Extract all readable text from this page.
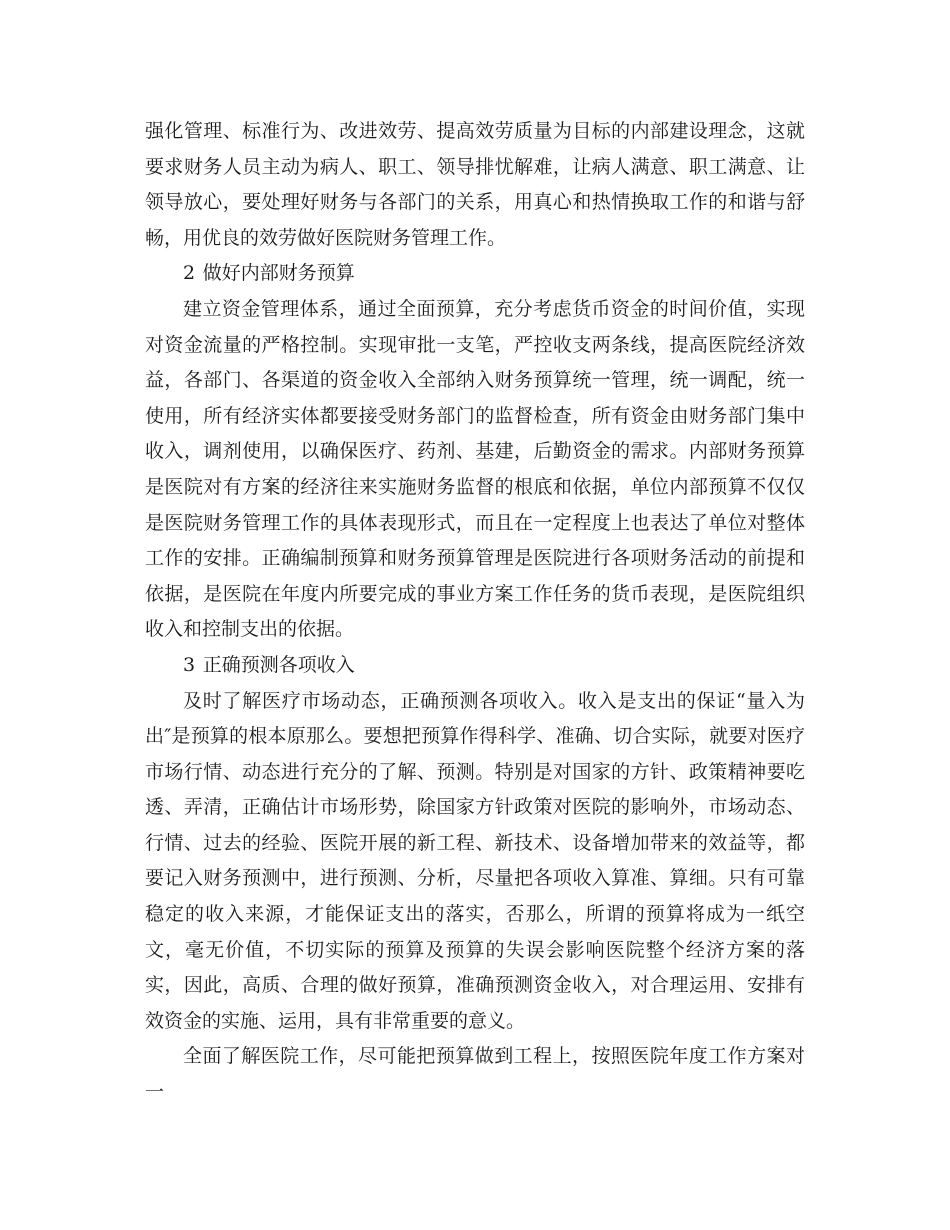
强化管理、标准行为、改进效劳、提高效劳质量为目标的内部建设理念，这就要求财务人员主动为病人、职工、领导排忧解难，让病人满意、职工满意、让领导放心，要处理好财务与各部门的关系，用真心和热情换取工作的和谐与舒畅，用优良的效劳做好医院财务管理工作。

2 做好内部财务预算

建立资金管理体系，通过全面预算，充分考虑货币资金的时间价值，实现对资金流量的严格控制。实现审批一支笔，严控收支两条线，提高医院经济效益，各部门、各渠道的资金收入全部纳入财务预算统一管理，统一调配，统一使用，所有经济实体都要接受财务部门的监督检查，所有资金由财务部门集中收入，调剂使用，以确保医疗、药剂、基建，后勤资金的需求。内部财务预算是医院对有方案的经济往来实施财务监督的根底和依据，单位内部预算不仅仅是医院财务管理工作的具体表现形式，而且在一定程度上也表达了单位对整体工作的安排。正确编制预算和财务预算管理是医院进行各项财务活动的前提和依据，是医院在年度内所要完成的事业方案工作任务的货币表现，是医院组织收入和控制支出的依据。

3 正确预测各项收入

及时了解医疗市场动态，正确预测各项收入。收入是支出的保证“量入为出″是预算的根本原那么。要想把预算作得科学、准确、切合实际，就要对医疗市场行情、动态进行充分的了解、预测。特别是对国家的方针、政策精神要吃透、弄清，正确估计市场形势，除国家方针政策对医院的影响外，市场动态、行情、过去的经验、医院开展的新工程、新技术、设备增加带来的效益等，都要记入财务预测中，进行预测、分析，尽量把各项收入算准、算细。只有可靠稳定的收入来源，才能保证支出的落实，否那么，所谓的预算将成为一纸空文，毫无价值，不切实际的预算及预算的失误会影响医院整个经济方案的落实，因此，高质、合理的做好预算，准确预测资金收入，对合理运用、安排有效资金的实施、运用，具有非常重要的意义。

全面了解医院工作，尽可能把预算做到工程上，按照医院年度工作方案对一
